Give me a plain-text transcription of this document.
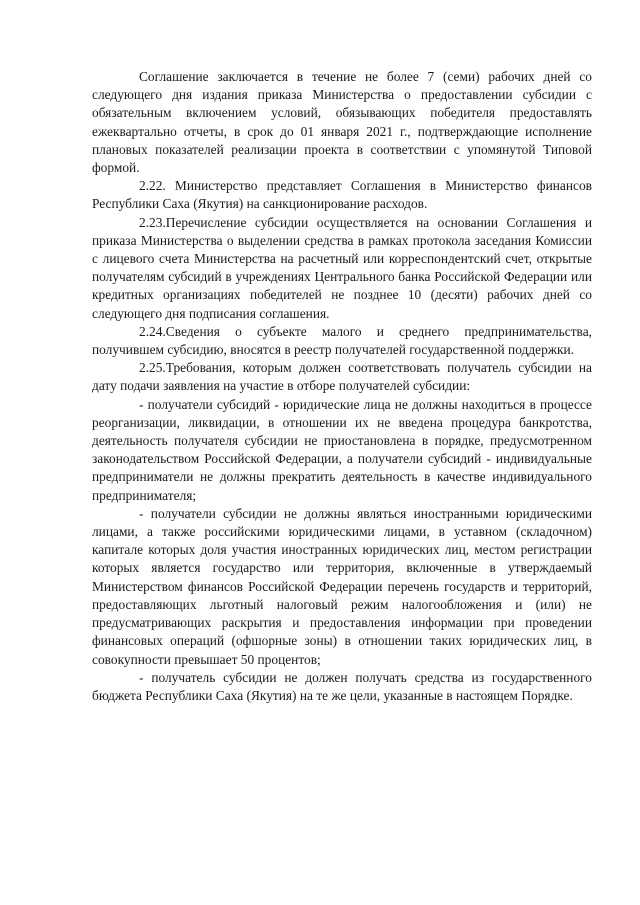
Соглашение заключается в течение не более 7 (семи) рабочих дней со следующего дня издания приказа Министерства о предоставлении субсидии с обязательным включением условий, обязывающих победителя предоставлять ежеквартально отчеты, в срок до 01 января 2021 г., подтверждающие исполнение плановых показателей реализации проекта в соответствии с упомянутой Типовой формой.

2.22. Министерство представляет Соглашения в Министерство финансов Республики Саха (Якутия) на санкционирование расходов.

2.23.Перечисление субсидии осуществляется на основании Соглашения и приказа Министерства о выделении средства в рамках протокола заседания Комиссии с лицевого счета Министерства на расчетный или корреспондентский счет, открытые получателям субсидий в учреждениях Центрального банка Российской Федерации или кредитных организациях победителей не позднее 10 (десяти) рабочих дней со следующего дня подписания соглашения.

2.24.Сведения о субъекте малого и среднего предпринимательства, получившем субсидию, вносятся в реестр получателей государственной поддержки.

2.25.Требования, которым должен соответствовать получатель субсидии на дату подачи заявления на участие в отборе получателей субсидии:

- получатели субсидий - юридические лица не должны находиться в процессе реорганизации, ликвидации, в отношении их не введена процедура банкротства, деятельность получателя субсидии не приостановлена в порядке, предусмотренном законодательством Российской Федерации, а получатели субсидий - индивидуальные предприниматели не должны прекратить деятельность в качестве индивидуального предпринимателя;

- получатели субсидии не должны являться иностранными юридическими лицами, а также российскими юридическими лицами, в уставном (складочном) капитале которых доля участия иностранных юридических лиц, местом регистрации которых является государство или территория, включенные в утверждаемый Министерством финансов Российской Федерации перечень государств и территорий, предоставляющих льготный налоговый режим налогообложения и (или) не предусматривающих раскрытия и предоставления информации при проведении финансовых операций (офшорные зоны) в отношении таких юридических лиц, в совокупности превышает 50 процентов;

- получатель субсидии не должен получать средства из государственного бюджета Республики Саха (Якутия) на те же цели, указанные в настоящем Порядке.
